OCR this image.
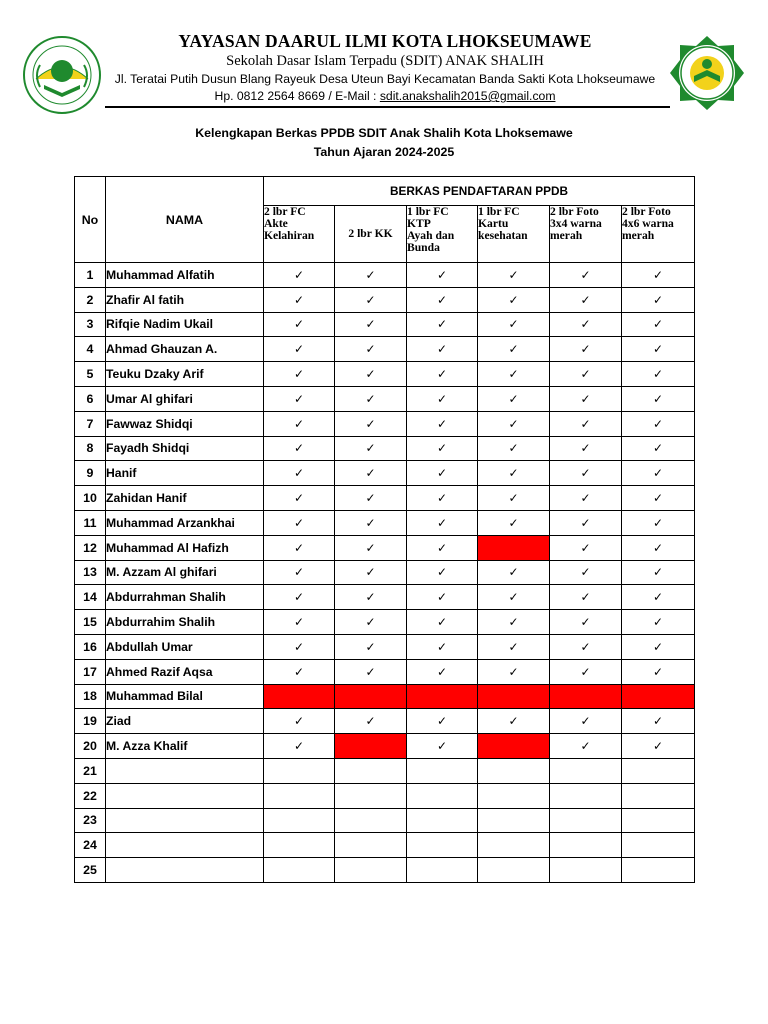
YAYASAN DAARUL ILMI KOTA LHOKSEUMAWE
Sekolah Dasar Islam Terpadu (SDIT) ANAK SHALIH
Jl. Teratai Putih Dusun Blang Rayeuk Desa Uteun Bayi Kecamatan Banda Sakti Kota Lhokseumawe
Hp. 0812 2564 8669 / E-Mail : sdit.anakshalih2015@gmail.com
Kelengkapan Berkas PPDB SDIT Anak Shalih Kota Lhoksemawe
Tahun Ajaran 2024-2025
No	NAMA	BERKAS PENDAFTARAN PPDB					
		2 lbr FC
Akte
Kelahiran	2 lbr KK	1 lbr FC
KTP
Ayah dan
Bunda	1 lbr FC
Kartu
kesehatan	2 lbr Foto
3x4 warna
merah	2 lbr Foto
4x6 warna
merah
1	Muhammad Alfatih	✓	✓	✓	✓	✓	✓
2	Zhafir Al fatih	✓	✓	✓	✓	✓	✓
3	Rifqie Nadim Ukail	✓	✓	✓	✓	✓	✓
4	Ahmad Ghauzan A.	✓	✓	✓	✓	✓	✓
5	Teuku Dzaky Arif	✓	✓	✓	✓	✓	✓
6	Umar Al ghifari	✓	✓	✓	✓	✓	✓
7	Fawwaz Shidqi	✓	✓	✓	✓	✓	✓
8	Fayadh Shidqi	✓	✓	✓	✓	✓	✓
9	Hanif	✓	✓	✓	✓	✓	✓
10	Zahidan Hanif	✓	✓	✓	✓	✓	✓
11	Muhammad Arzankhai	✓	✓	✓	✓	✓	✓
12	Muhammad Al Hafizh	✓	✓	✓		✓	✓
13	M. Azzam Al ghifari	✓	✓	✓	✓	✓	✓
14	Abdurrahman Shalih	✓	✓	✓	✓	✓	✓
15	Abdurrahim Shalih	✓	✓	✓	✓	✓	✓
16	Abdullah Umar	✓	✓	✓	✓	✓	✓
17	Ahmed Razif Aqsa	✓	✓	✓	✓	✓	✓
18	Muhammad Bilal						
19	Ziad	✓	✓	✓	✓	✓	✓
20	M. Azza Khalif	✓		✓		✓	✓
21							
22							
23							
24							
25							
